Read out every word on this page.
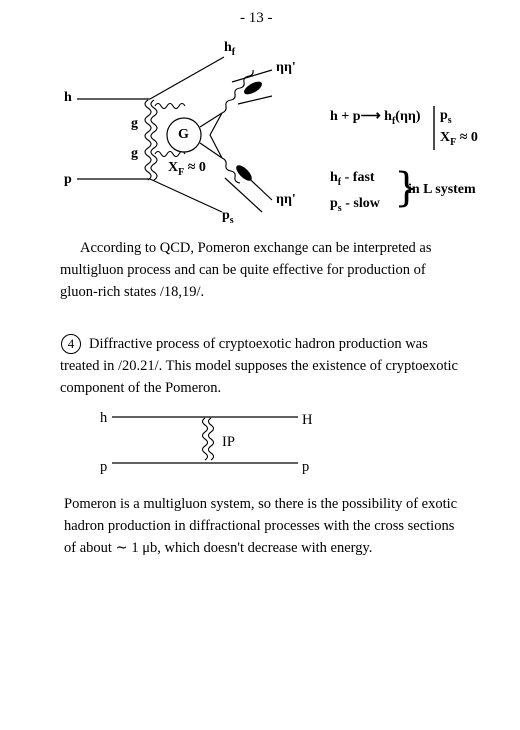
- 13 -
h
p
g
g
G
$X_F \approx 0$
$h_f$
$p_s$
ηη'
ηη'
h + p⟶ $h_f(\eta\eta)$ $p_s$
$X_F \approx 0$
$h_f$ - fast
$p_s$ - slow }
in L system
According to QCD, Pomeron exchange can be interpreted as
multigluon process and can be quite effective for production of
gluon-rich states /18,19/.
4 Diffractive process of cryptoexotic hadron production was
treated in /20.21/. This model supposes the existence of cryptoexotic
component of the Pomeron.
h	H
p	p
IP
Pomeron is a multigluon system, so there is the possibility of exotic
hadron production in diffractional processes with the cross sections
of about ∼ 1 μb, which doesn't decrease with energy.
